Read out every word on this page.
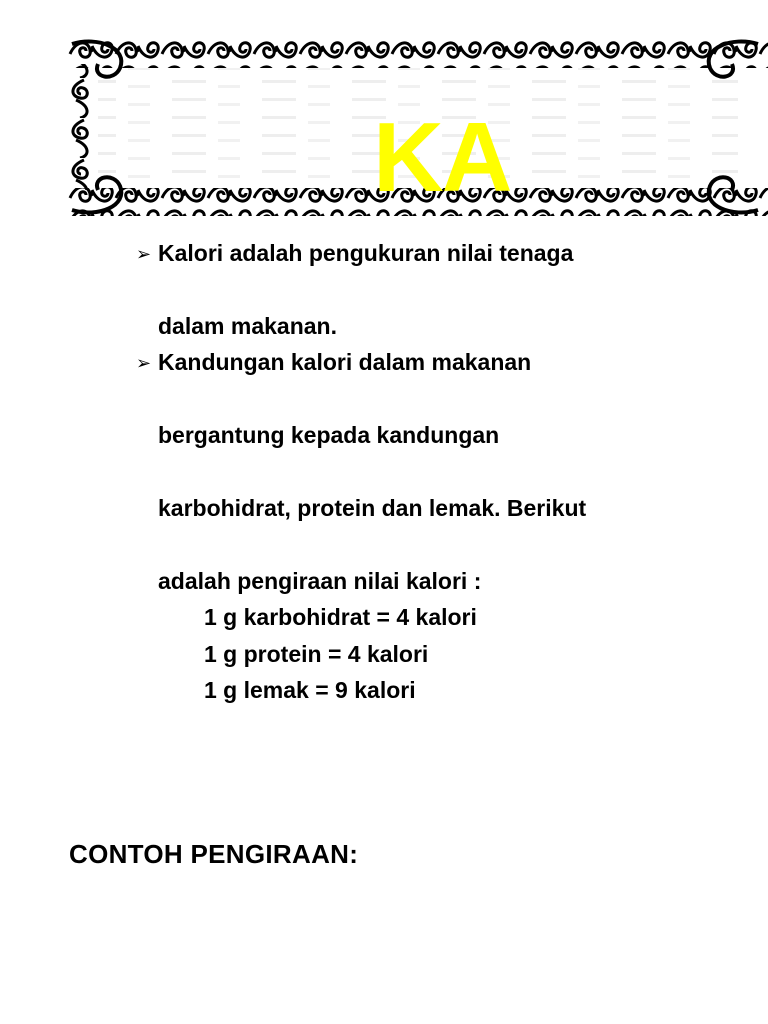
KA
➢ Kalori adalah pengukuran nilai tenaga
dalam makanan.
➢ Kandungan kalori dalam makanan
bergantung kepada kandungan
karbohidrat, protein dan lemak. Berikut
adalah pengiraan nilai kalori :
1 g karbohidrat = 4 kalori
1 g protein = 4 kalori
1 g lemak = 9 kalori
CONTOH PENGIRAAN:
